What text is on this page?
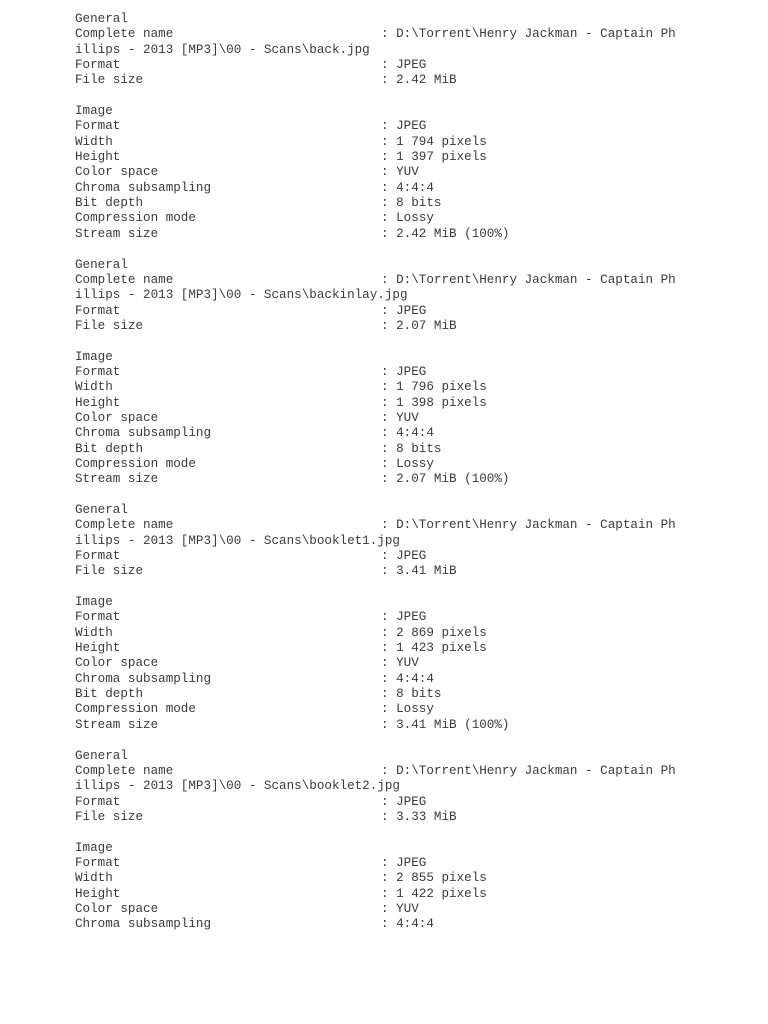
General
Complete name	: D:\Torrent\Henry Jackman - Captain Ph
illips - 2013 [MP3]\00 - Scans\back.jpg
Format	: JPEG
File size	: 2.42 MiB
Image
Format	: JPEG
Width	: 1 794 pixels
Height	: 1 397 pixels
Color space	: YUV
Chroma subsampling	: 4:4:4
Bit depth	: 8 bits
Compression mode	: Lossy
Stream size	: 2.42 MiB (100%)
General
Complete name	: D:\Torrent\Henry Jackman - Captain Ph
illips - 2013 [MP3]\00 - Scans\backinlay.jpg
Format	: JPEG
File size	: 2.07 MiB
Image
Format	: JPEG
Width	: 1 796 pixels
Height	: 1 398 pixels
Color space	: YUV
Chroma subsampling	: 4:4:4
Bit depth	: 8 bits
Compression mode	: Lossy
Stream size	: 2.07 MiB (100%)
General
Complete name	: D:\Torrent\Henry Jackman - Captain Ph
illips - 2013 [MP3]\00 - Scans\booklet1.jpg
Format	: JPEG
File size	: 3.41 MiB
Image
Format	: JPEG
Width	: 2 869 pixels
Height	: 1 423 pixels
Color space	: YUV
Chroma subsampling	: 4:4:4
Bit depth	: 8 bits
Compression mode	: Lossy
Stream size	: 3.41 MiB (100%)
General
Complete name	: D:\Torrent\Henry Jackman - Captain Ph
illips - 2013 [MP3]\00 - Scans\booklet2.jpg
Format	: JPEG
File size	: 3.33 MiB
Image
Format	: JPEG
Width	: 2 855 pixels
Height	: 1 422 pixels
Color space	: YUV
Chroma subsampling	: 4:4:4
